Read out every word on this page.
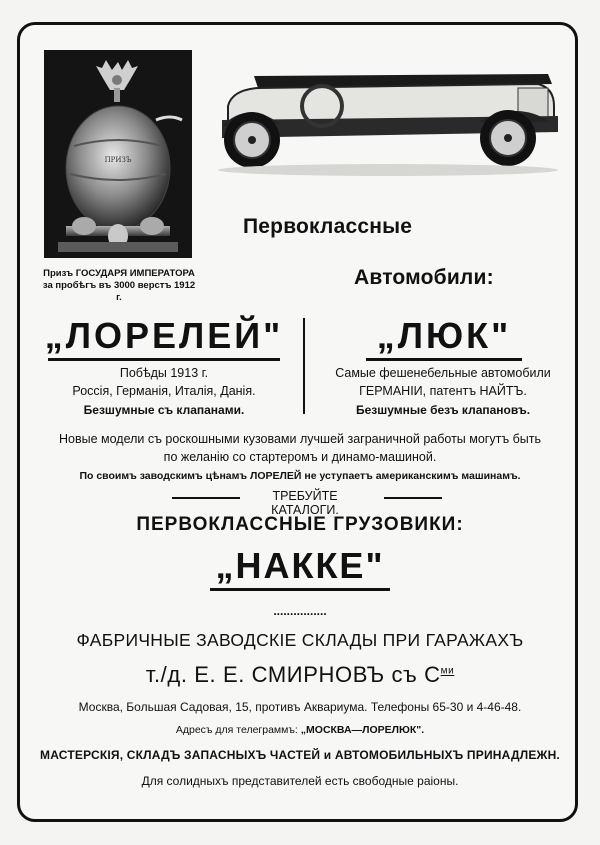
ПРИЗЪ
Призъ ГОСУДАРЯ ИМПЕРАТОРА
за пробѣгъ въ 3000 верстъ 1912 г.
Первоклассные
Автомобили:
„ЛОРЕЛЕЙ"
Побѣды 1913 г.
Россія, Германія, Италія, Данія.
Безшумные съ клапанами.
„ЛЮК"
Самые фешенебельные автомобили
ГЕРМАНІИ, патентъ НАЙТЪ.
Безшумные безъ клапановъ.
Новые модели съ роскошными кузовами лучшей заграничной работы могутъ быть
по желанію со стартеромъ и динамо-машиной.
По своимъ заводскимъ цѣнамъ ЛОРЕЛЕЙ не уступаетъ американскимъ машинамъ.
ТРЕБУЙТЕ КАТАЛОГИ.
ПЕРВОКЛАССНЫЕ ГРУЗОВИКИ:
„НАККЕ"
................
ФАБРИЧНЫЕ ЗАВОДСКІЕ СКЛАДЫ ПРИ ГАРАЖАХЪ
т./д. Е. Е. СМИРНОВЪ съ $С^{ми}$
Москва, Большая Садовая, 15, противъ Аквариума. Телефоны 65-30 и 4-46-48.
Адресъ для телеграммъ: „МОСКВА—ЛОРЕЛЮК".
МАСТЕРСКІЯ, СКЛАДЪ ЗАПАСНЫХЪ ЧАСТЕЙ и АВТОМОБИЛЬНЫХЪ ПРИНАДЛЕЖН.
Для солидныхъ представителей есть свободные раіоны.
